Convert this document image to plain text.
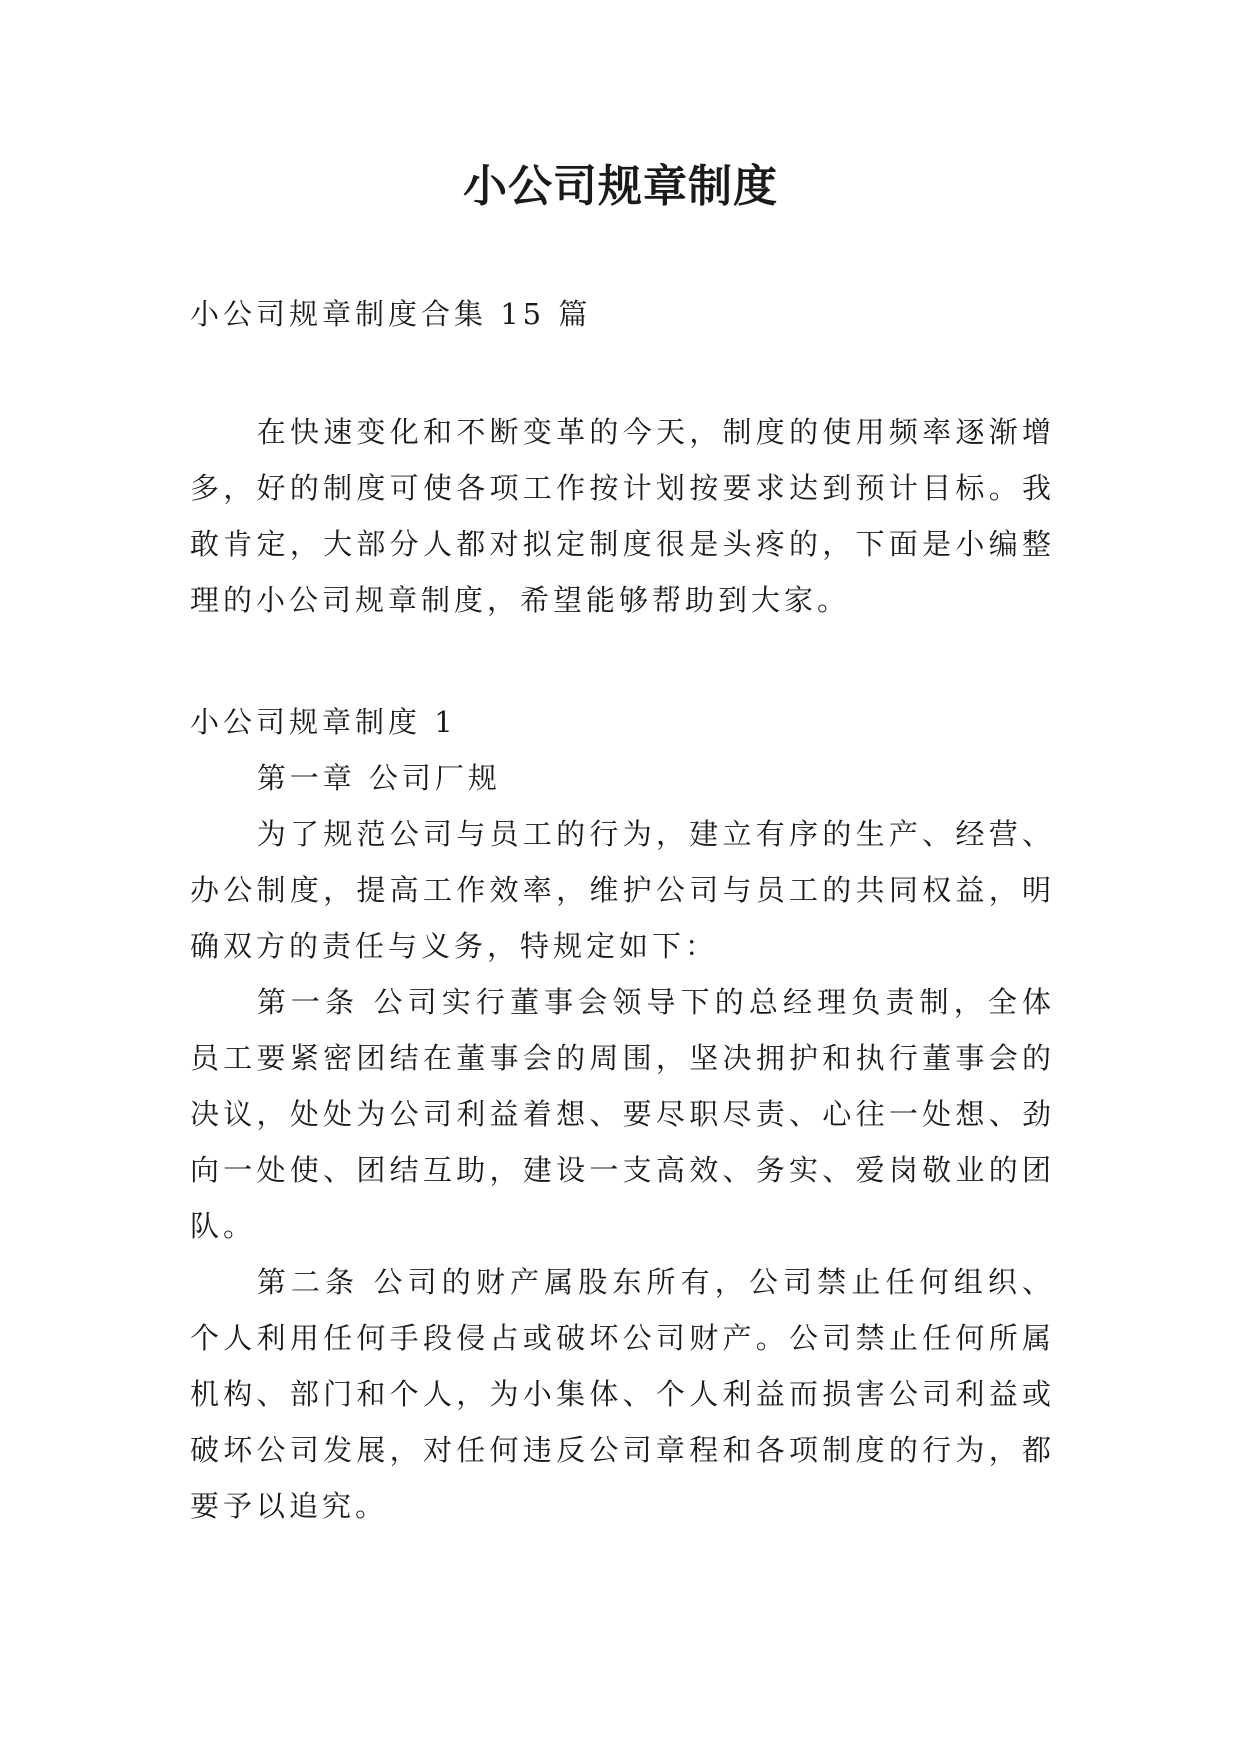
小公司规章制度
小公司规章制度合集 15 篇

在快速变化和不断变革的今天，制度的使用频率逐渐增多，好的制度可使各项工作按计划按要求达到预计目标。我敢肯定，大部分人都对拟定制度很是头疼的，下面是小编整理的小公司规章制度，希望能够帮助到大家。

小公司规章制度 1

第一章 公司厂规

为了规范公司与员工的行为，建立有序的生产、经营、办公制度，提高工作效率，维护公司与员工的共同权益，明确双方的责任与义务，特规定如下：

第一条 公司实行董事会领导下的总经理负责制，全体员工要紧密团结在董事会的周围，坚决拥护和执行董事会的决议，处处为公司利益着想、要尽职尽责、心往一处想、劲向一处使、团结互助，建设一支高效、务实、爱岗敬业的团队。

第二条 公司的财产属股东所有，公司禁止任何组织、个人利用任何手段侵占或破坏公司财产。公司禁止任何所属机构、部门和个人，为小集体、个人利益而损害公司利益或破坏公司发展，对任何违反公司章程和各项制度的行为，都要予以追究。
